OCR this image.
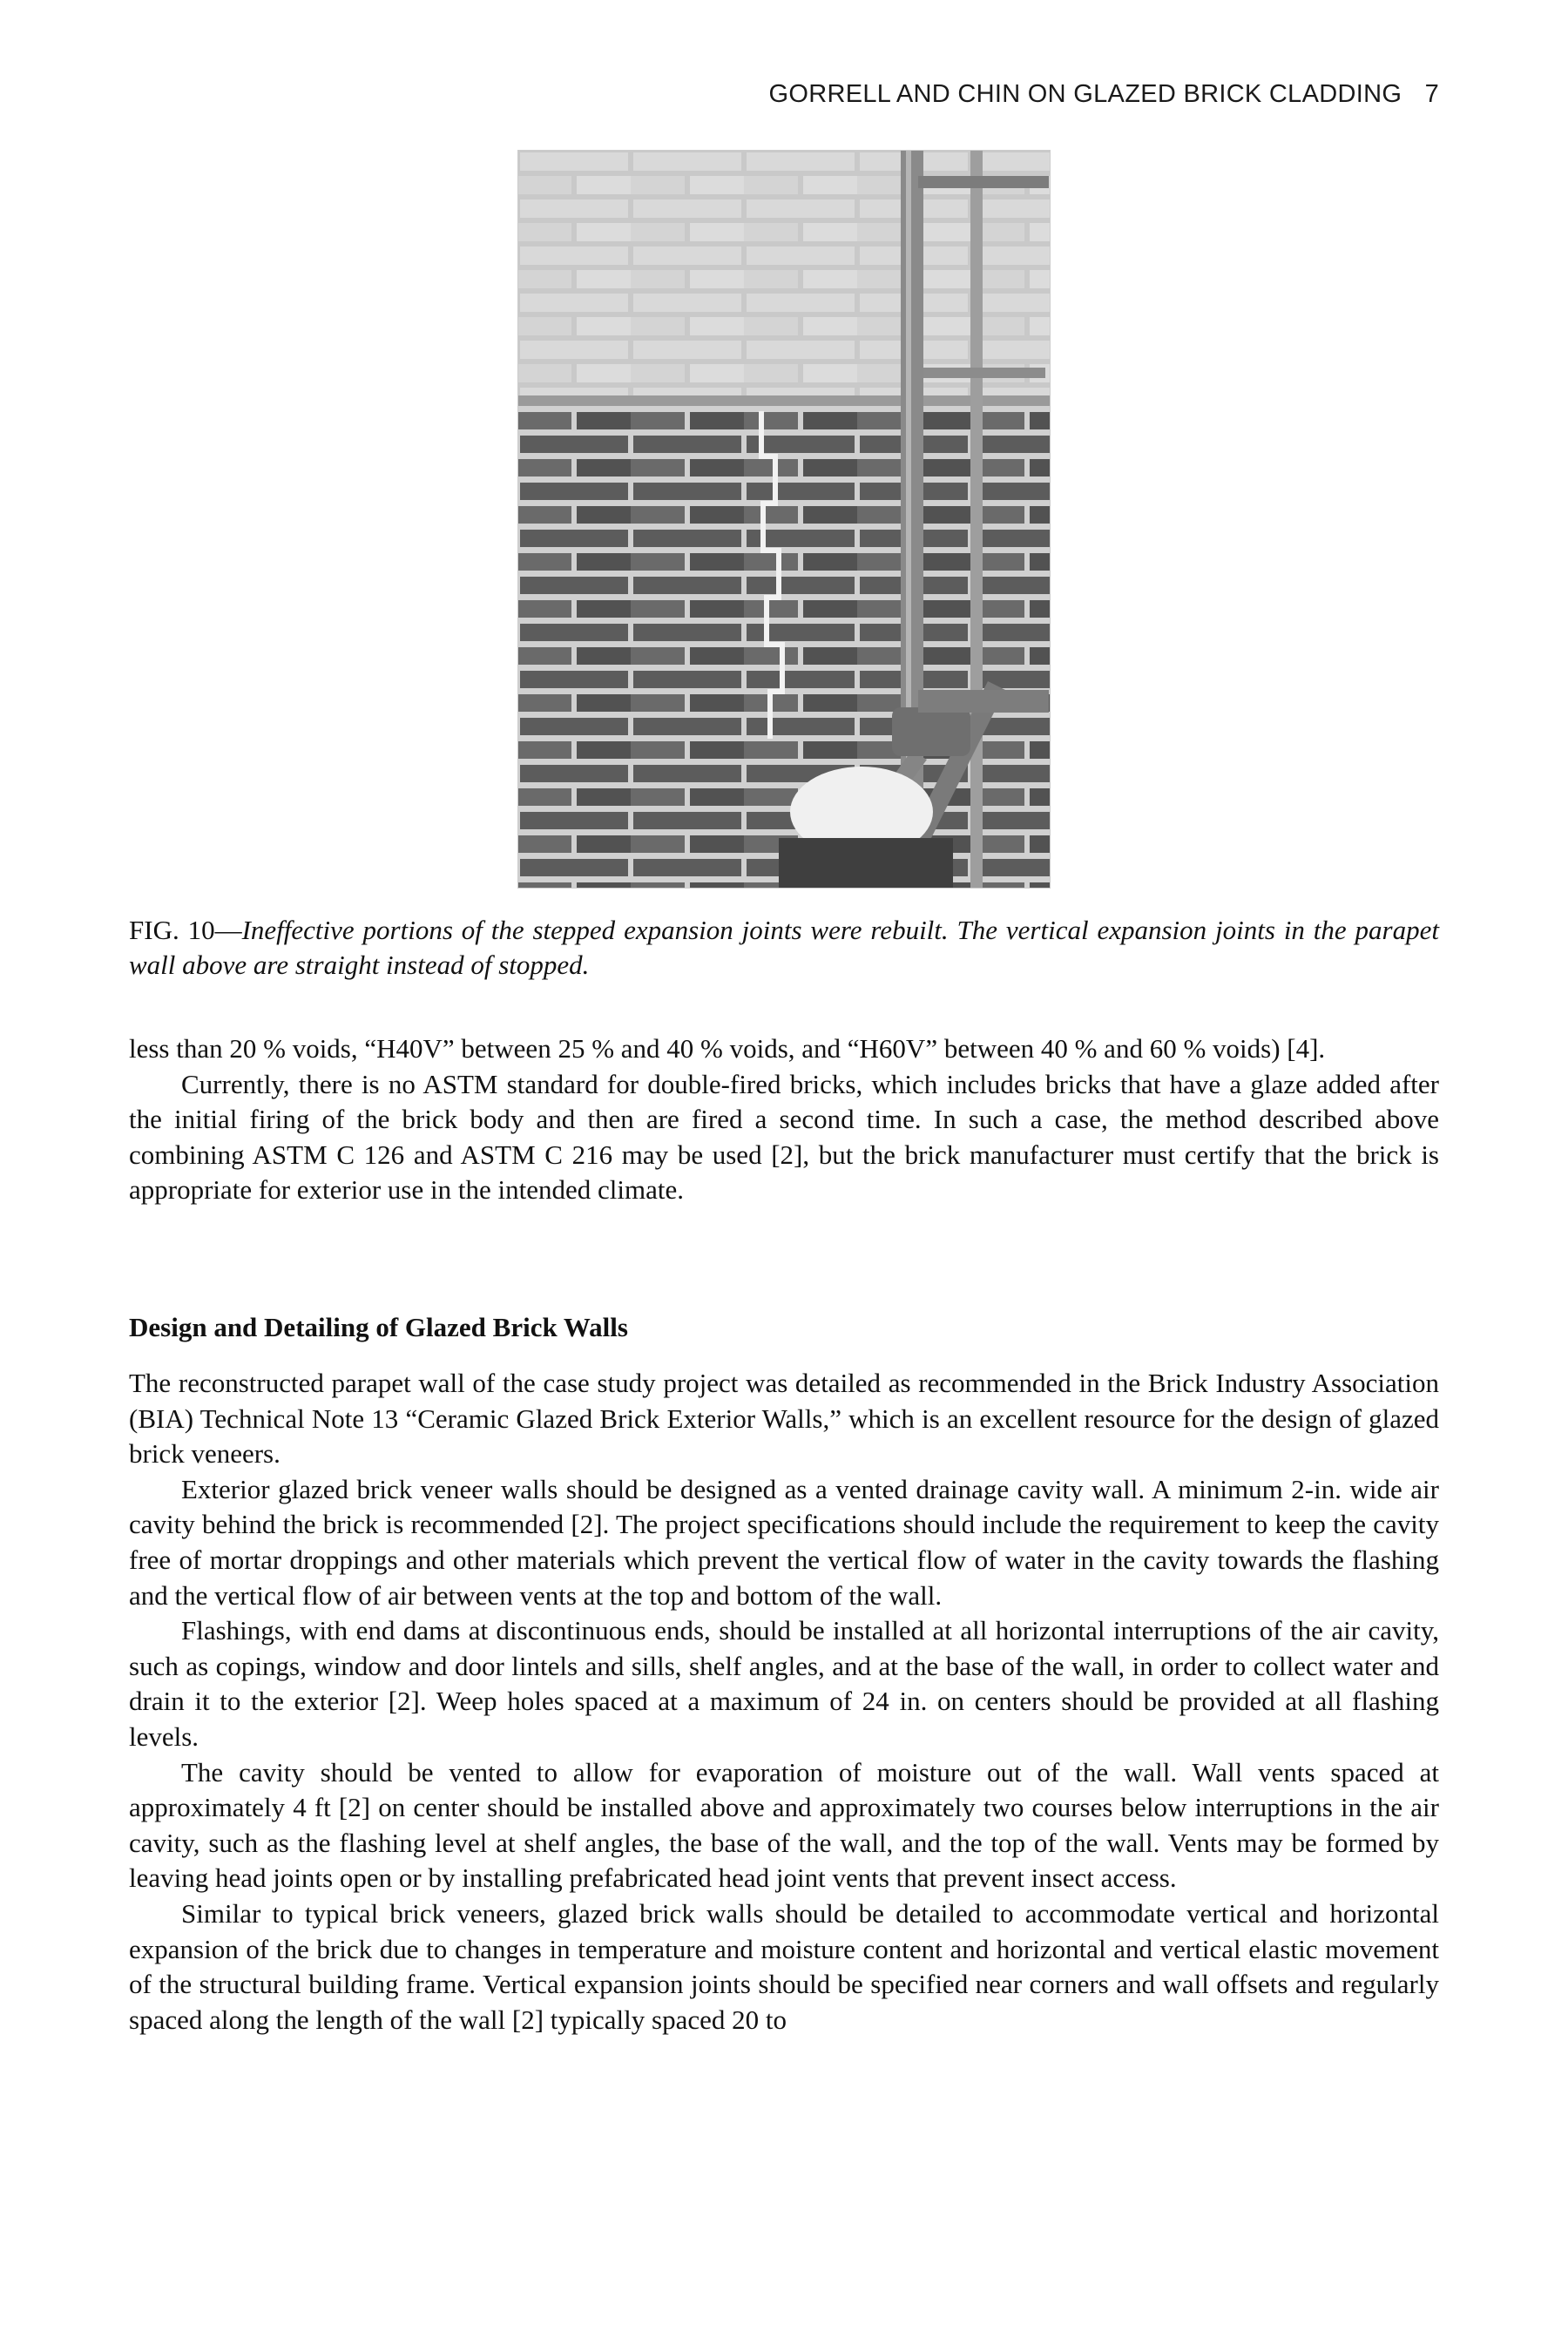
GORRELL AND CHIN ON GLAZED BRICK CLADDING 7
FIG. 10—Ineffective portions of the stepped expansion joints were rebuilt. The vertical expansion joints in the parapet wall above are straight instead of stopped.

less than 20 % voids, “H40V” between 25 % and 40 % voids, and “H60V” between 40 % and 60 % voids) [4].

Currently, there is no ASTM standard for double-fired bricks, which includes bricks that have a glaze added after the initial firing of the brick body and then are fired a second time. In such a case, the method described above combining ASTM C 126 and ASTM C 216 may be used [2], but the brick manufacturer must certify that the brick is appropriate for exterior use in the intended climate.

Design and Detailing of Glazed Brick Walls

The reconstructed parapet wall of the case study project was detailed as recommended in the Brick Industry Association (BIA) Technical Note 13 “Ceramic Glazed Brick Exterior Walls,” which is an excellent resource for the design of glazed brick veneers.

Exterior glazed brick veneer walls should be designed as a vented drainage cavity wall. A minimum 2-in. wide air cavity behind the brick is recommended [2]. The project specifications should include the requirement to keep the cavity free of mortar droppings and other materials which prevent the vertical flow of water in the cavity towards the flashing and the vertical flow of air between vents at the top and bottom of the wall.

Flashings, with end dams at discontinuous ends, should be installed at all horizontal interruptions of the air cavity, such as copings, window and door lintels and sills, shelf angles, and at the base of the wall, in order to collect water and drain it to the exterior [2]. Weep holes spaced at a maximum of 24 in. on centers should be provided at all flashing levels.

The cavity should be vented to allow for evaporation of moisture out of the wall. Wall vents spaced at approximately 4 ft [2] on center should be installed above and approximately two courses below interruptions in the air cavity, such as the flashing level at shelf angles, the base of the wall, and the top of the wall. Vents may be formed by leaving head joints open or by installing prefabricated head joint vents that prevent insect access.

Similar to typical brick veneers, glazed brick walls should be detailed to accommodate vertical and horizontal expansion of the brick due to changes in temperature and moisture content and horizontal and vertical elastic movement of the structural building frame. Vertical expansion joints should be specified near corners and wall offsets and regularly spaced along the length of the wall [2] typically spaced 20 to
